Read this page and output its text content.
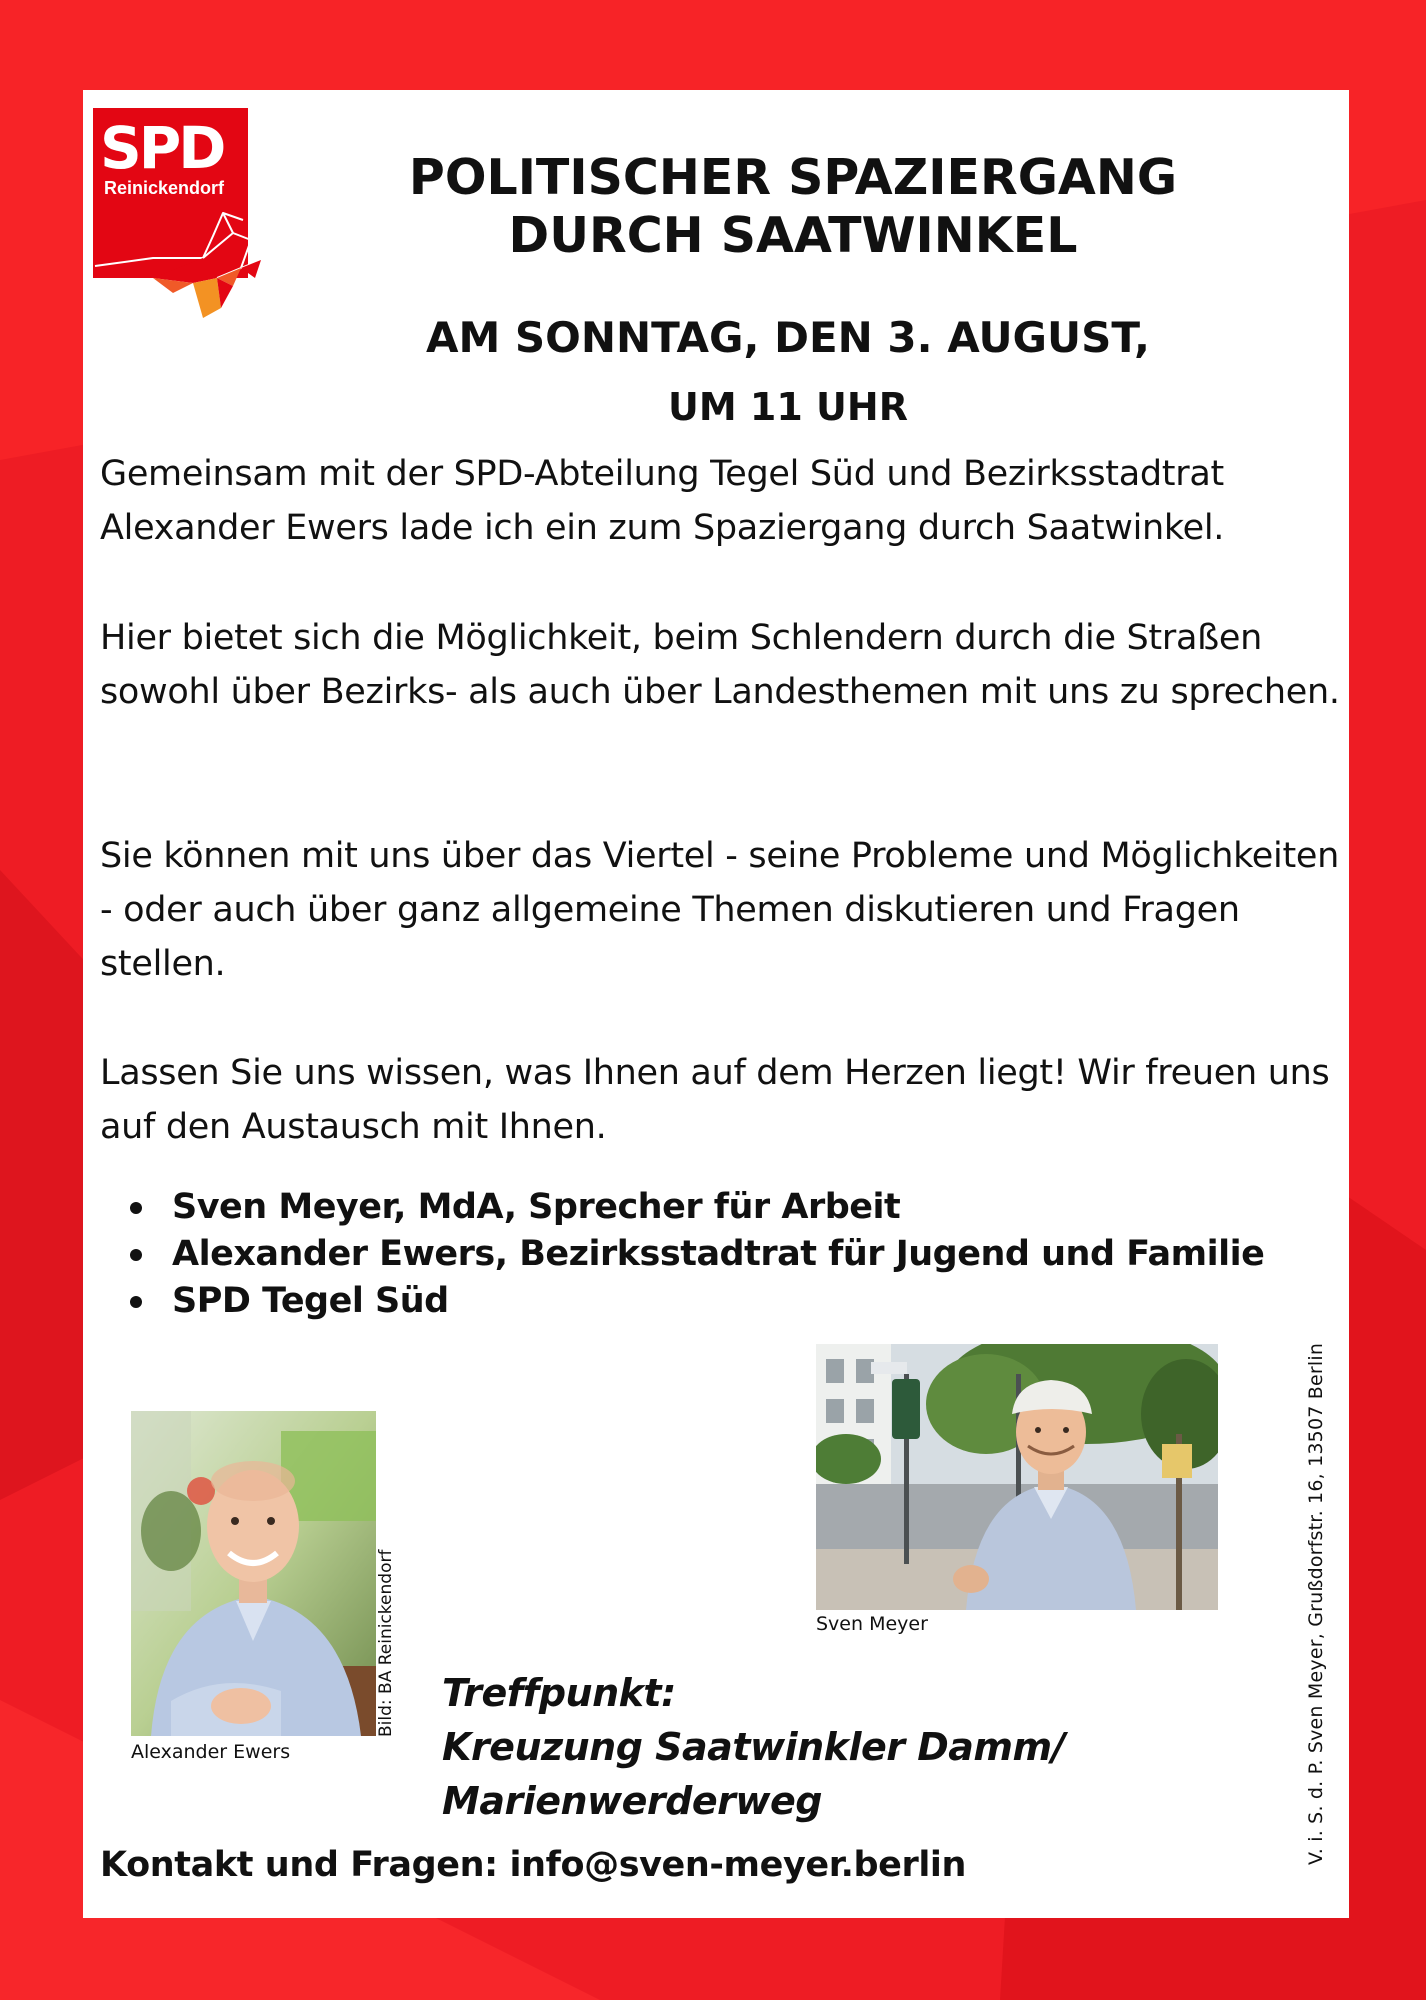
POLITISCHER SPAZIERGANG
DURCH SAATWINKEL
AM SONNTAG, DEN 3. AUGUST,
UM 11 UHR

Gemeinsam mit der SPD-Abteilung Tegel Süd und Bezirksstadtrat Alexander Ewers lade ich ein zum Spaziergang durch Saatwinkel.

Hier bietet sich die Möglichkeit, beim Schlendern durch die Straßen sowohl über Bezirks- als auch über Landesthemen mit uns zu sprechen.

Sie können mit uns über das Viertel - seine Probleme und Möglichkeiten - oder auch über ganz allgemeine Themen diskutieren und Fragen stellen.

Lassen Sie uns wissen, was Ihnen auf dem Herzen liegt! Wir freuen uns auf den Austausch mit Ihnen.

Sven Meyer, MdA, Sprecher für Arbeit
Alexander Ewers, Bezirksstadtrat für Jugend und Familie
SPD Tegel Süd
Alexander Ewers
Bild: BA Reinickendorf	Sven Meyer

Treffpunkt:

Kreuzung Saatwinkler Damm/

Marienwerderweg

Kontakt und Fragen: info@sven-meyer.berlin	V. i. S. d. P. Sven Meyer, Grußdorfstr. 16, 13507 Berlin
SPD
Reinickendorf
